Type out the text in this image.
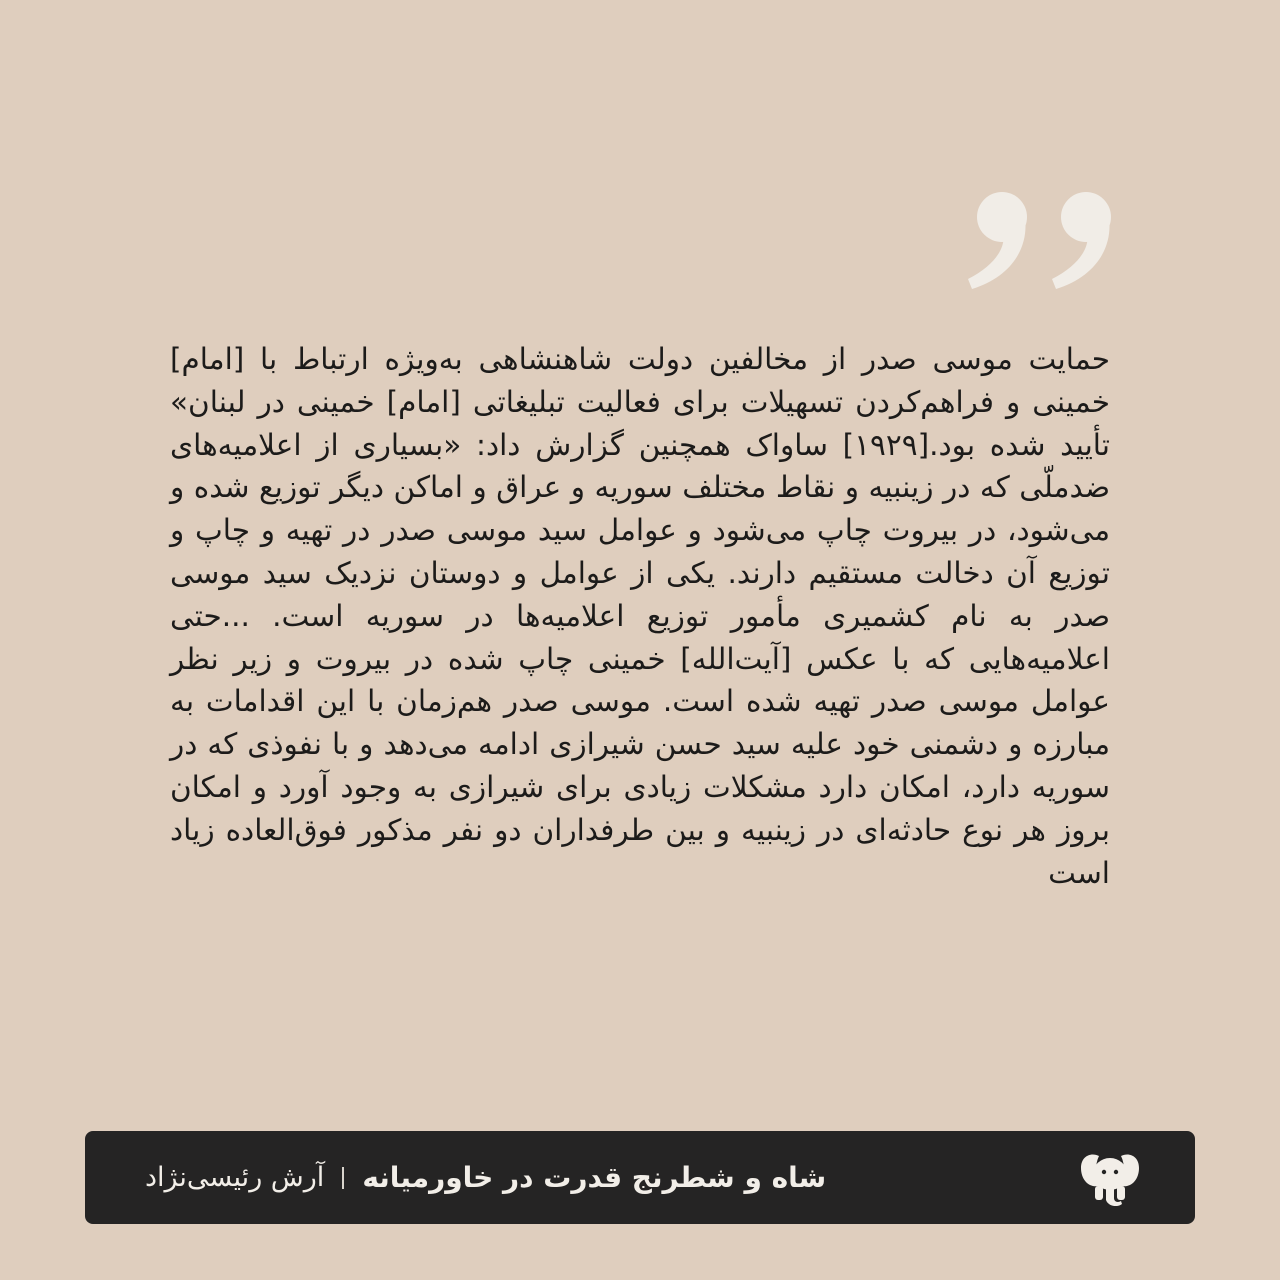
حمایت موسی صدر از مخالفین دولت شاهنشاهی به‌ویژه ارتباط با [امام] خمینی و فراهم‌کردن تسهیلات برای فعالیت تبلیغاتی [امام] خمینی در لبنان» تأیید شده بود.[۱۹۲۹] ساواک همچنین گزارش داد: «بسیاری از اعلامیه‌های ضدملّی که در زینبیه و نقاط مختلف سوریه و عراق و اماکن دیگر توزیع شده و می‌شود، در بیروت چاپ می‌شود و عوامل سید موسی صدر در تهیه و چاپ و توزیع آن دخالت مستقیم دارند. یکی از عوامل و دوستان نزدیک سید موسی صدر به نام کشمیری مأمور توزیع اعلامیه‌ها در سوریه است. ...حتی اعلامیه‌هایی که با عکس [آیت‌الله] خمینی چاپ شده در بیروت و زیر نظر عوامل موسی صدر تهیه شده است. موسی صدر هم‌زمان با این اقدامات به مبارزه و دشمنی خود علیه سید حسن شیرازی ادامه می‌دهد و با نفوذی که در سوریه دارد، امکان دارد مشکلات زیادی برای شیرازی به وجود آورد و امکان بروز هر نوع حادثه‌ای در زینبیه و بین طرفداران دو نفر مذکور فوق‌العاده زیاد است

شاه و شطرنج قدرت در خاورمیانه
آرش رئیسی‌نژاد
